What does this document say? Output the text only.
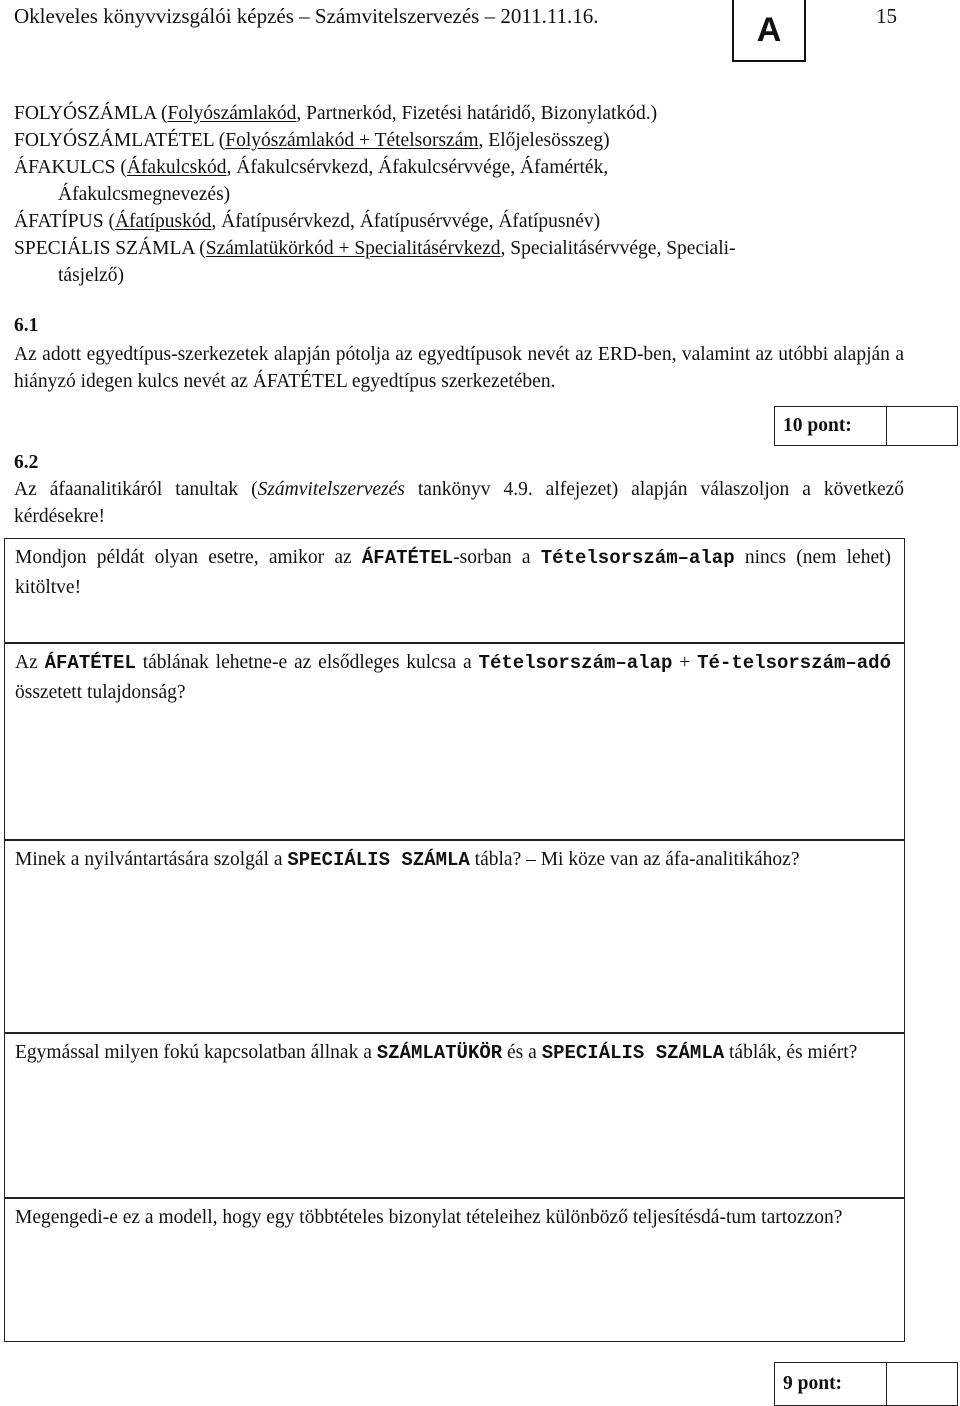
Okleveles könyvvizsgálói képzés – Számvitelszervezés – 2011.11.16.	A	15
FOLYÓSZÁMLA (Folyószámlakód, Partnerkód, Fizetési határidő, Bizonylatkód.)
FOLYÓSZÁMLATÉTEL (Folyószámlakód + Tételsorszám, Előjelesösszeg)
ÁFAKULCS (Áfakulcskód, Áfakulcsérvkezd, Áfakulcsérvvége, Áfamérték,
Áfakulcsmegnevezés)
ÁFATÍPUS (Áfatípuskód, Áfatípusérvkezd, Áfatípusérvvége, Áfatípusnév)
SPECIÁLIS SZÁMLA (Számlatükörkód + Specialitásérvkezd, Specialitásérvvége, Speciali-
tásjelző)
6.1
Az adott egyedtípus-szerkezetek alapján pótolja az egyedtípusok nevét az ERD-ben, valamint az utóbbi alapján a hiányzó idegen kulcs nevét az ÁFATÉTEL egyedtípus szerkezetében.
10 pont:
6.2
Az áfaanalitikáról tanultak (Számvitelszervezés tankönyv 4.9. alfejezet) alapján válaszoljon a következő kérdésekre!
Mondjon példát olyan esetre, amikor az ÁFATÉTEL-sorban a Tételsorszám–alap nincs (nem lehet) kitöltve!
Az ÁFATÉTEL táblának lehetne-e az elsődleges kulcsa a Tételsorszám–alap + Té-telsorszám–adó összetett tulajdonság?
Minek a nyilvántartására szolgál a SPECIÁLIS SZÁMLA tábla? – Mi köze van az áfa-analitikához?
Egymással milyen fokú kapcsolatban állnak a SZÁMLATÜKÖR és a SPECIÁLIS SZÁMLA táblák, és miért?
Megengedi-e ez a modell, hogy egy többtételes bizonylat tételeihez különböző teljesítésdá-tum tartozzon?
9 pont:
